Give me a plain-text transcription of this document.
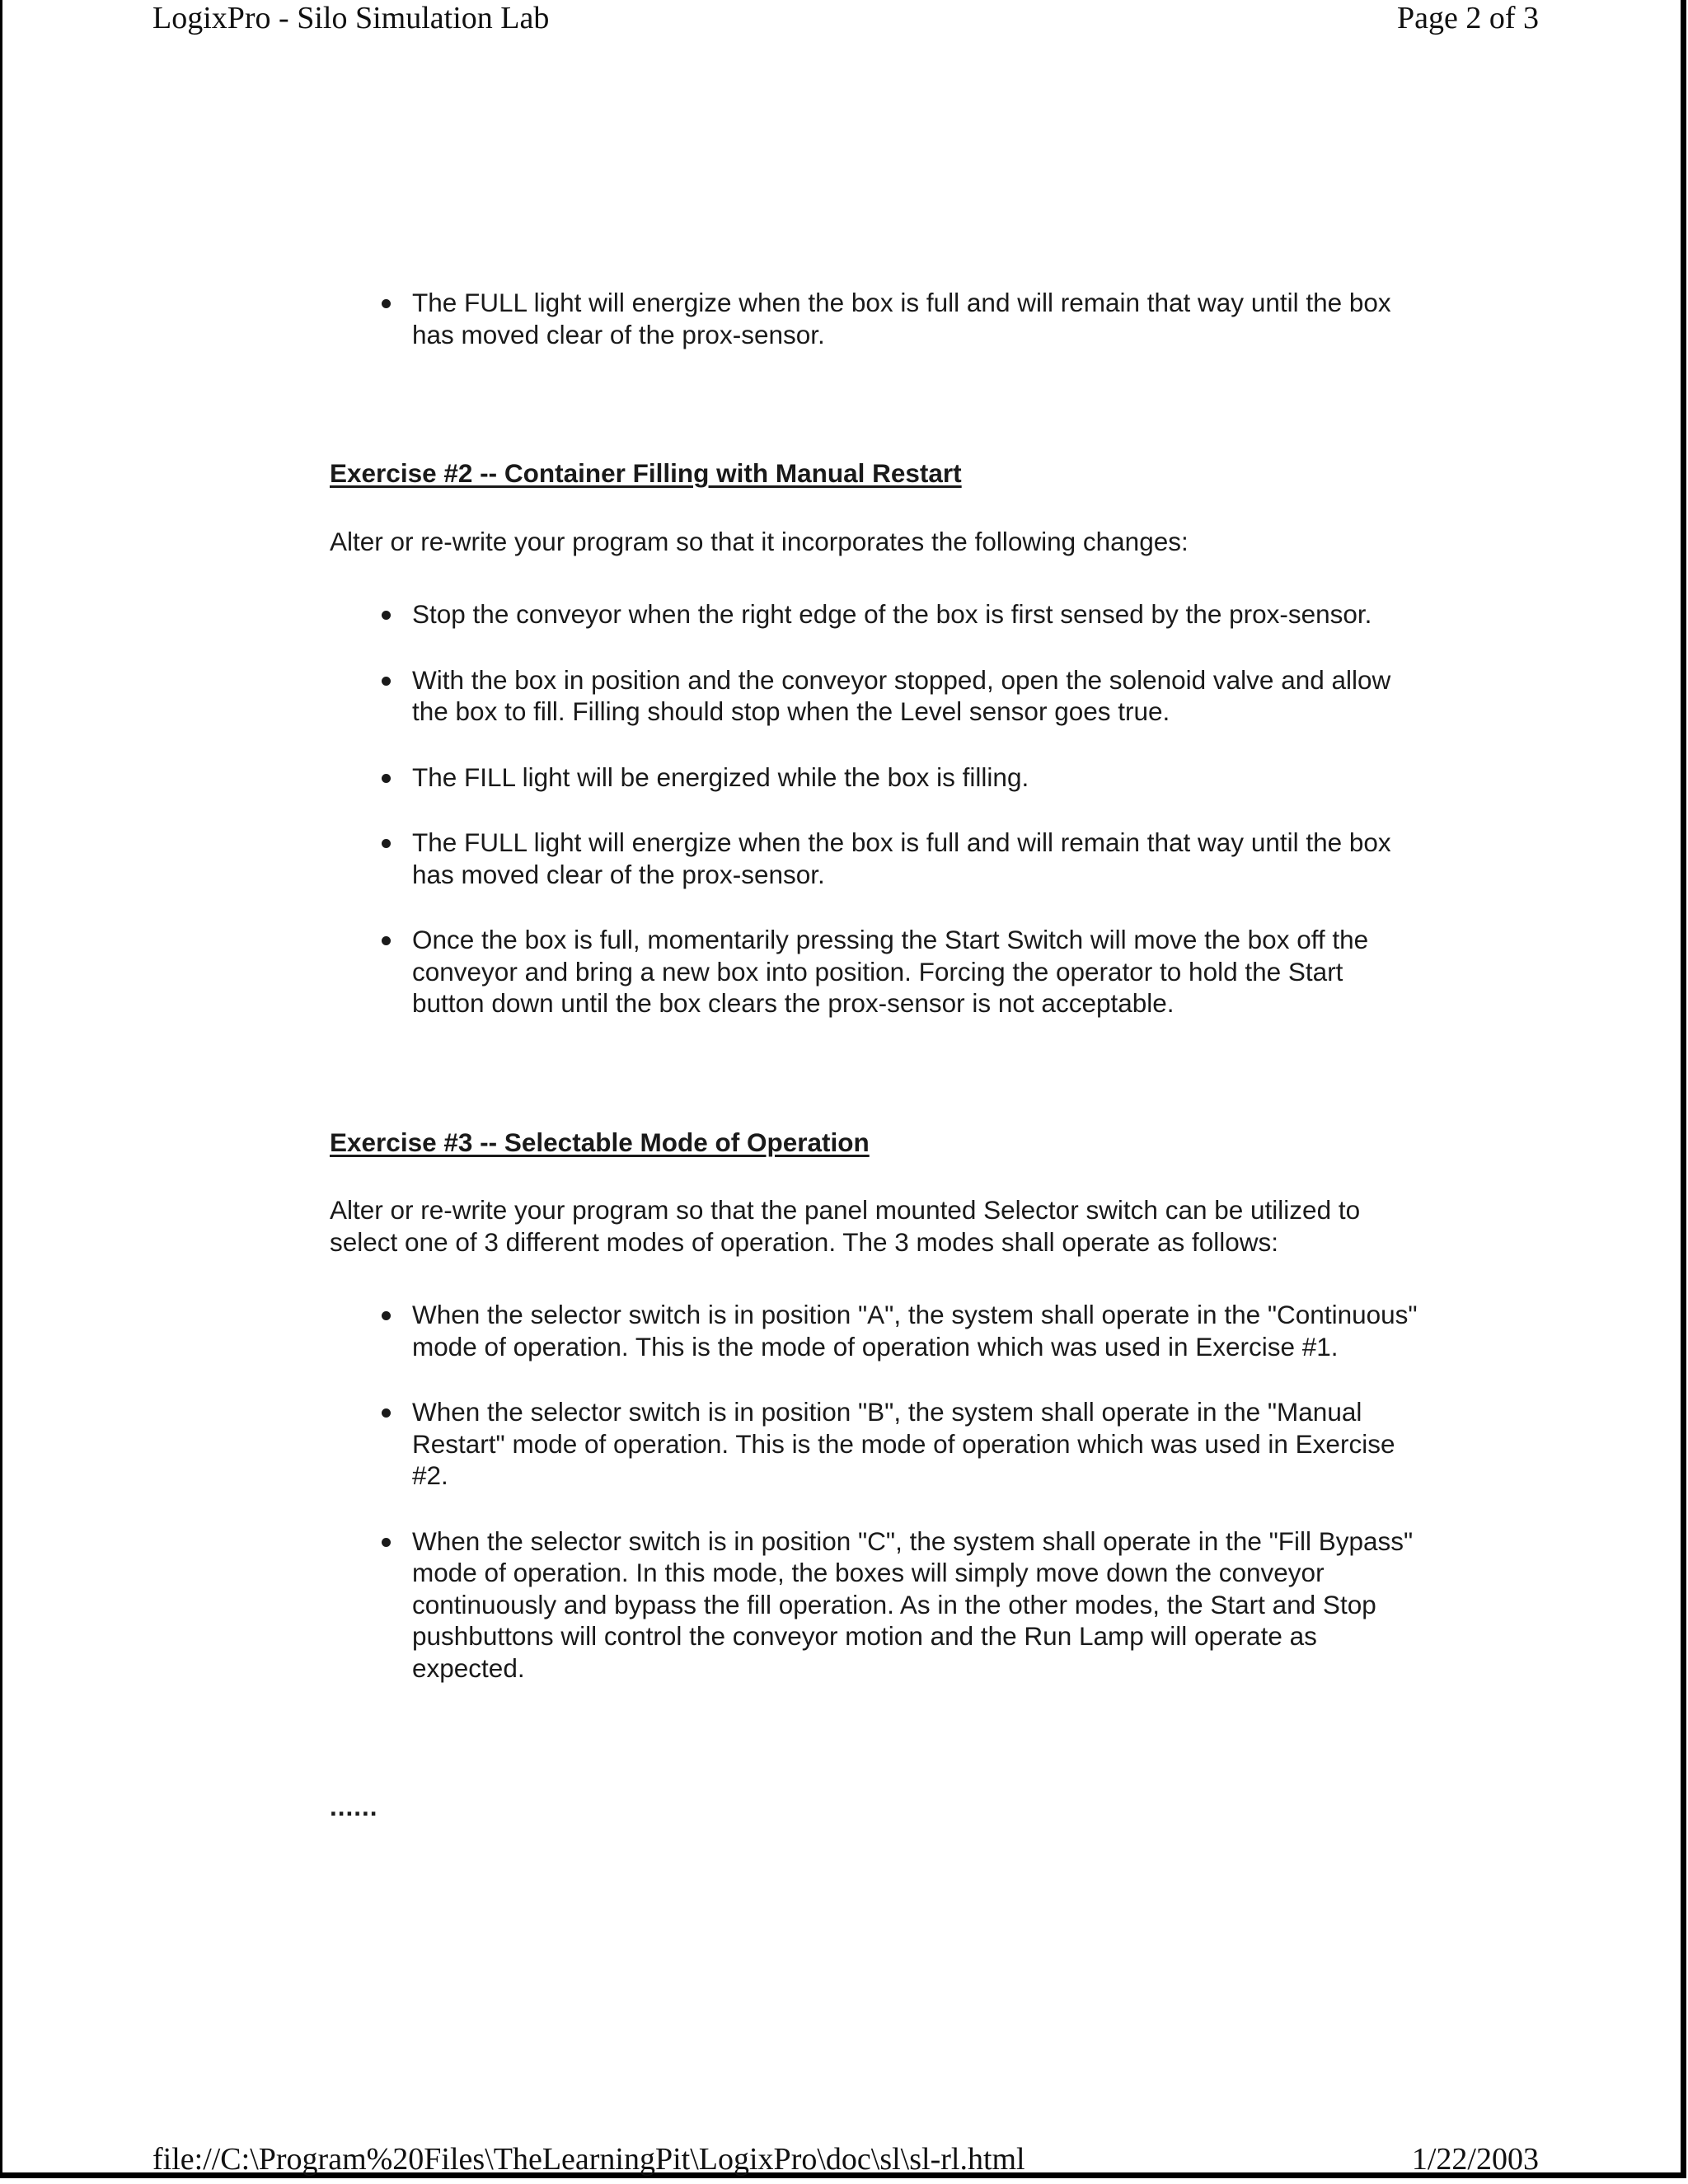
LogixPro - Silo Simulation Lab	Page 2 of 3
The FULL light will energize when the box is full and will remain that way until the box has moved clear of the prox-sensor.

Exercise #2 -- Container Filling with Manual Restart

Alter or re-write your program so that it incorporates the following changes:

Stop the conveyor when the right edge of the box is first sensed by the prox-sensor.
With the box in position and the conveyor stopped, open the solenoid valve and allow the box to fill. Filling should stop when the Level sensor goes true.
The FILL light will be energized while the box is filling.
The FULL light will energize when the box is full and will remain that way until the box has moved clear of the prox-sensor.
Once the box is full, momentarily pressing the Start Switch will move the box off the conveyor and bring a new box into position. Forcing the operator to hold the Start button down until the box clears the prox-sensor is not acceptable.

Exercise #3 -- Selectable Mode of Operation

Alter or re-write your program so that the panel mounted Selector switch can be utilized to select one of 3 different modes of operation. The 3 modes shall operate as follows:

When the selector switch is in position "A", the system shall operate in the "Continuous" mode of operation. This is the mode of operation which was used in Exercise #1.
When the selector switch is in position "B", the system shall operate in the "Manual Restart" mode of operation. This is the mode of operation which was used in Exercise #2.
When the selector switch is in position "C", the system shall operate in the "Fill Bypass" mode of operation. In this mode, the boxes will simply move down the conveyor continuously and bypass the fill operation. As in the other modes, the Start and Stop pushbuttons will control the conveyor motion and the Run Lamp will operate as expected.

......

file://C:\Program%20Files\TheLearningPit\LogixPro\doc\sl\sl-rl.html	1/22/2003
